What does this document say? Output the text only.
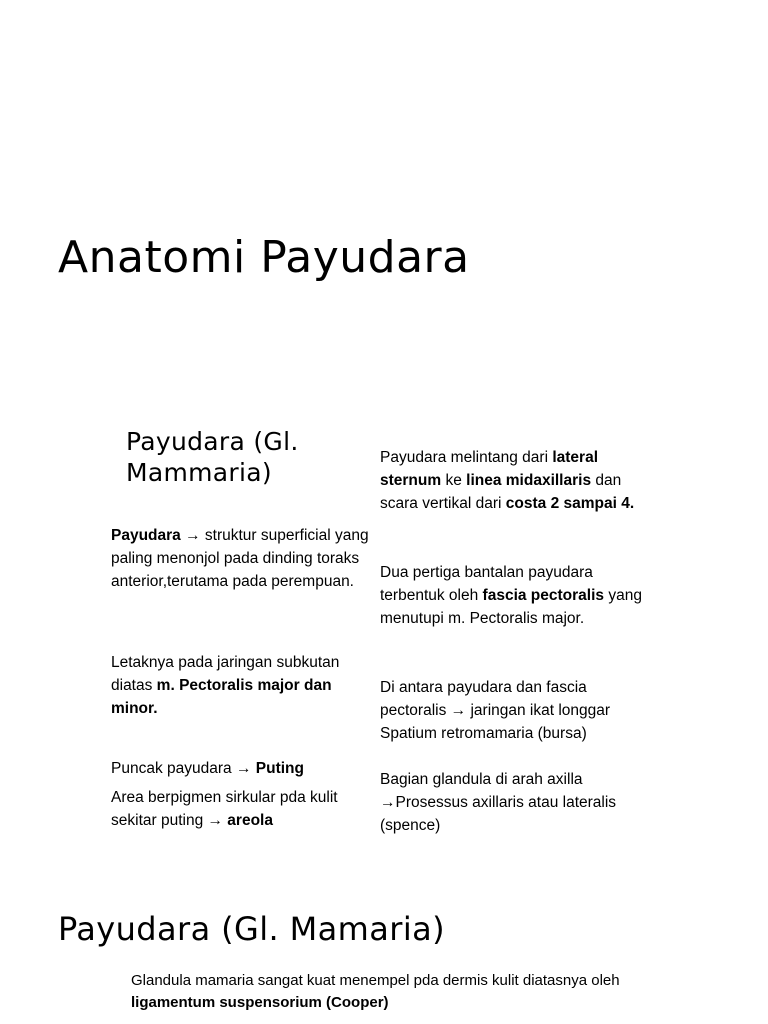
Anatomi Payudara
Payudara (Gl. Mammaria)
Payudara → struktur superficial yang paling menonjol pada dinding toraks anterior,terutama pada perempuan.
Letaknya pada jaringan subkutan diatas m. Pectoralis major dan minor.
Puncak payudara → Puting
Area berpigmen sirkular pda kulit sekitar puting → areola
Payudara melintang dari lateral sternum ke linea midaxillaris dan scara vertikal dari costa 2 sampai 4.
Dua pertiga bantalan payudara terbentuk oleh fascia pectoralis yang menutupi m. Pectoralis major.
Di antara payudara dan fascia pectoralis → jaringan ikat longgar Spatium retromamaria (bursa)
Bagian glandula di arah axilla →Prosessus axillaris atau lateralis (spence)
Payudara (Gl. Mamaria)
Glandula mamaria sangat kuat menempel pda dermis kulit diatasnya oleh ligamentum suspensorium (Cooper)
